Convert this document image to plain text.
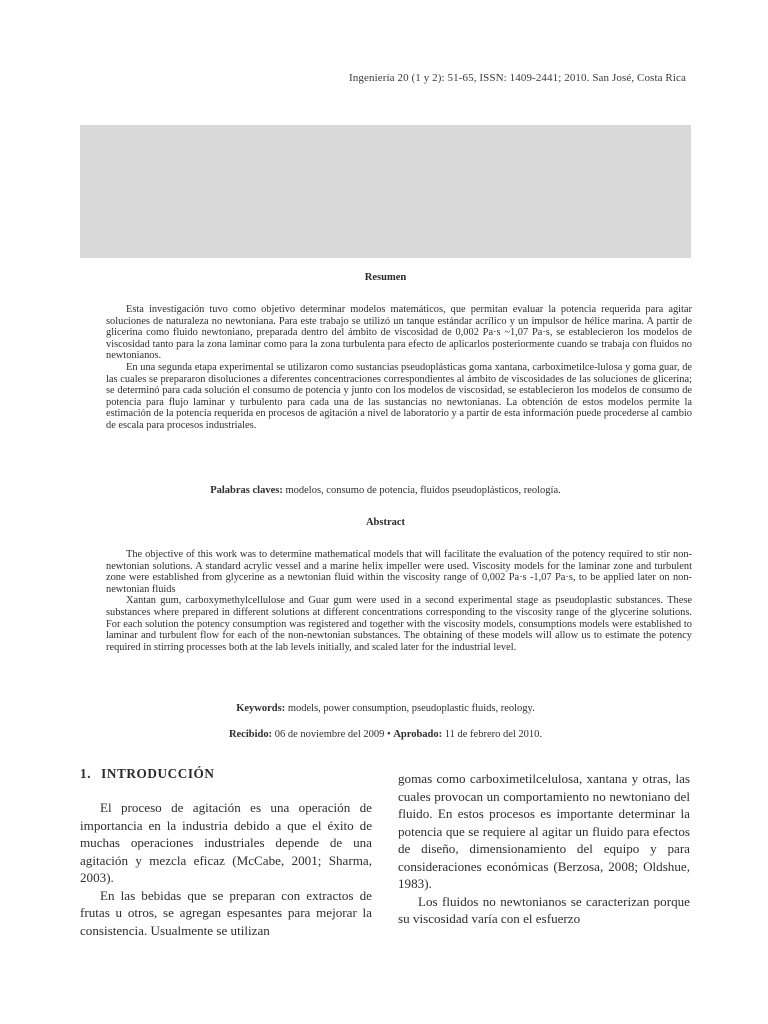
Ingeniería 20 (1 y 2): 51-65, ISSN: 1409-2441; 2010. San José, Costa Rica
Resumen

Esta investigación tuvo como objetivo determinar modelos matemáticos, que permitan evaluar la potencia requerida para agitar soluciones de naturaleza no newtoniana. Para este trabajo se utilizó un tanque estándar acrílico y un impulsor de hélice marina. A partir de glicerina como fluido newtoniano, preparada dentro del ámbito de viscosidad de 0,002 Pa·s ~1,07 Pa·s, se establecieron los modelos de viscosidad tanto para la zona laminar como para la zona turbulenta para efecto de aplicarlos posteriormente cuando se trabaja con fluidos no newtonianos.

En una segunda etapa experimental se utilizaron como sustancias pseudoplásticas goma xantana, carboximetilce-lulosa y goma guar, de las cuales se prepararon disoluciones a diferentes concentraciones correspondientes al ámbito de viscosidades de las soluciones de glicerina; se determinó para cada solución el consumo de potencia y junto con los modelos de viscosidad, se establecieron los modelos de consumo de potencia para flujo laminar y turbulento para cada una de las sustancias no newtonianas. La obtención de estos modelos permite la estimación de la potencia requerida en procesos de agitación a nivel de laboratorio y a partir de esta información puede procederse al cambio de escala para procesos industriales.

Palabras claves: modelos, consumo de potencia, fluidos pseudoplásticos, reología.
Abstract

The objective of this work was to determine mathematical models that will facilitate the evaluation of the potency required to stir non-newtonian solutions. A standard acrylic vessel and a marine helix impeller were used. Viscosity models for the laminar zone and turbulent zone were established from glycerine as a newtonian fluid within the viscosity range of 0,002 Pa·s -1,07 Pa·s, to be applied later on non-newtonian fluids

Xantan gum, carboxymethylcellulose and Guar gum were used in a second experimental stage as pseudoplastic substances. These substances where prepared in different solutions at different concentrations corresponding to the viscosity range of the glycerine solutions. For each solution the potency consumption was registered and together with the viscosity models, consumptions models were established to laminar and turbulent flow for each of the non-newtonian substances. The obtaining of these models will allow us to estimate the potency required in stirring processes both at the lab levels initially, and scaled later for the industrial level.

Keywords: models, power consumption, pseudoplastic fluids, reology.
Recibido: 06 de noviembre del 2009 • Aprobado: 11 de febrero del 2010.
1. INTRODUCCIÓN

El proceso de agitación es una operación de importancia en la industria debido a que el éxito de muchas operaciones industriales depende de una agitación y mezcla eficaz (McCabe, 2001; Sharma, 2003).

En las bebidas que se preparan con extractos de frutas u otros, se agregan espesantes para mejorar la consistencia. Usualmente se utilizan

gomas como carboximetilcelulosa, xantana y otras, las cuales provocan un comportamiento no newtoniano del fluido. En estos procesos es importante determinar la potencia que se requiere al agitar un fluido para efectos de diseño, dimensionamiento del equipo y para consideraciones económicas (Berzosa, 2008; Oldshue, 1983).

Los fluidos no newtonianos se caracterizan porque su viscosidad varía con el esfuerzo
